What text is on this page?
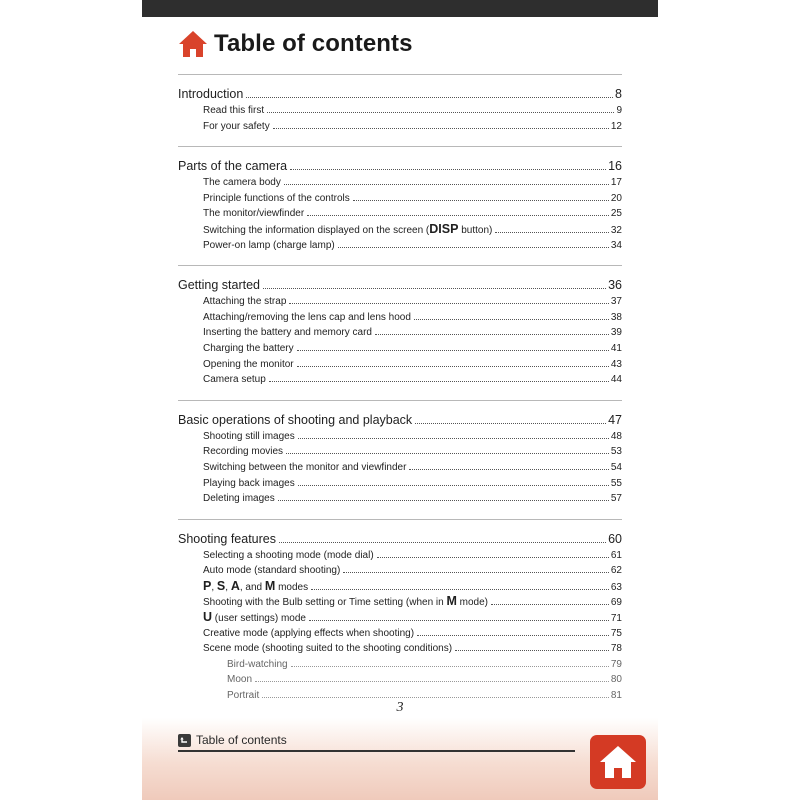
Table of contents
Introduction	8
Read this first	9
For your safety	12
Parts of the camera	16
The camera body	17
Principle functions of the controls	20
The monitor/viewfinder	25
Switching the information displayed on the screen (DISP button)	32
Power-on lamp (charge lamp)	34
Getting started	36
Attaching the strap	37
Attaching/removing the lens cap and lens hood	38
Inserting the battery and memory card	39
Charging the battery	41
Opening the monitor	43
Camera setup	44
Basic operations of shooting and playback	47
Shooting still images	48
Recording movies	53
Switching between the monitor and viewfinder	54
Playing back images	55
Deleting images	57
Shooting features	60
Selecting a shooting mode (mode dial)	61
Auto mode (standard shooting)	62
P, S, A, and M modes	63
Shooting with the Bulb setting or Time setting (when in M mode)	69
U (user settings) mode	71
Creative mode (applying effects when shooting)	75
Scene mode (shooting suited to the shooting conditions)	78
Bird-watching	79
Moon	80
Portrait	81
3
Table of contents
